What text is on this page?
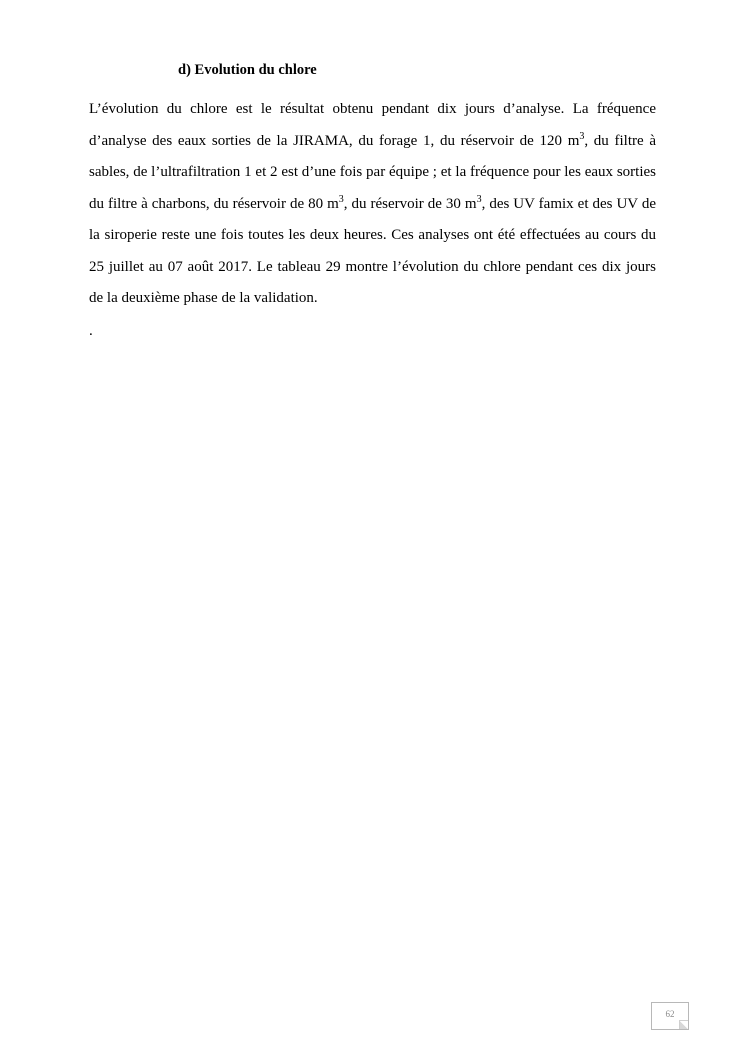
d) Evolution du chlore

L’évolution du chlore est le résultat obtenu pendant dix jours d’analyse. La fréquence d’analyse des eaux sorties de la JIRAMA, du forage 1, du réservoir de 120 $m^3$, du filtre à sables, de l’ultrafiltration 1 et 2 est d’une fois par équipe ; et la fréquence pour les eaux sorties du filtre à charbons, du réservoir de 80 $m^3$, du réservoir de 30 $m^3$, des UV famix et des UV de la siroperie reste une fois toutes les deux heures. Ces analyses ont été effectuées au cours du 25 juillet au 07 août 2017. Le tableau 29 montre l’évolution du chlore pendant ces dix jours de la deuxième phase de la validation.

.

62
